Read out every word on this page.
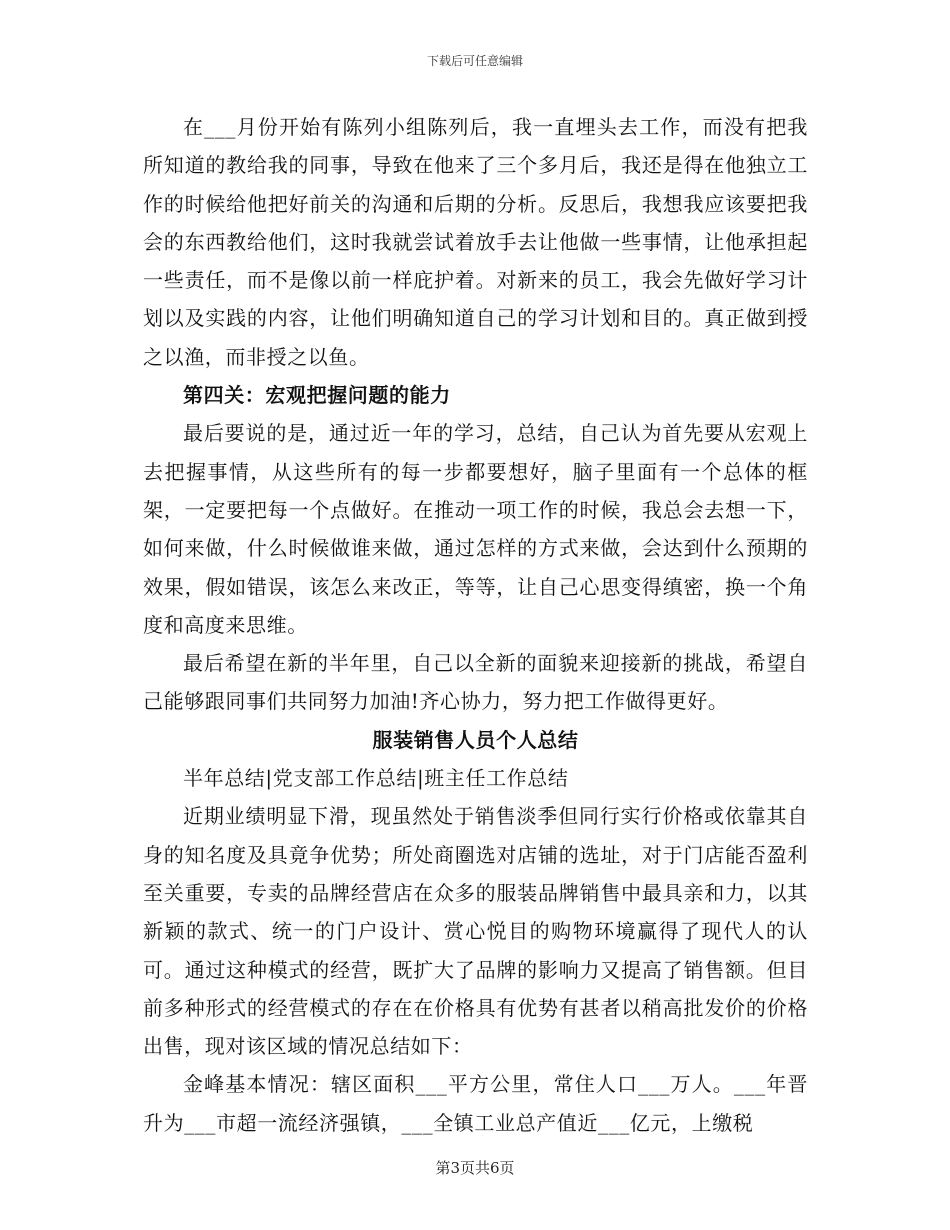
下载后可任意编辑

在___月份开始有陈列小组陈列后，我一直埋头去工作，而没有把我所知道的教给我的同事，导致在他来了三个多月后，我还是得在他独立工作的时候给他把好前关的沟通和后期的分析。反思后，我想我应该要把我会的东西教给他们，这时我就尝试着放手去让他做一些事情，让他承担起一些责任，而不是像以前一样庇护着。对新来的员工，我会先做好学习计划以及实践的内容，让他们明确知道自己的学习计划和目的。真正做到授之以渔，而非授之以鱼。

第四关：宏观把握问题的能力

最后要说的是，通过近一年的学习，总结，自己认为首先要从宏观上去把握事情，从这些所有的每一步都要想好，脑子里面有一个总体的框架，一定要把每一个点做好。在推动一项工作的时候，我总会去想一下，如何来做，什么时候做谁来做，通过怎样的方式来做，会达到什么预期的效果，假如错误，该怎么来改正，等等，让自己心思变得缜密，换一个角度和高度来思维。

最后希望在新的半年里，自己以全新的面貌来迎接新的挑战，希望自己能够跟同事们共同努力加油!齐心协力，努力把工作做得更好。

服装销售人员个人总结

半年总结|党支部工作总结|班主任工作总结

近期业绩明显下滑，现虽然处于销售淡季但同行实行价格或依靠其自身的知名度及具竟争优势；所处商圈选对店铺的选址，对于门店能否盈利至关重要，专卖的品牌经营店在众多的服装品牌销售中最具亲和力，以其新颖的款式、统一的门户设计、赏心悦目的购物环境赢得了现代人的认可。通过这种模式的经营，既扩大了品牌的影响力又提高了销售额。但目前多种形式的经营模式的存在在价格具有优势有甚者以稍高批发价的价格出售，现对该区域的情况总结如下：

金峰基本情况：辖区面积___平方公里，常住人口___万人。___年晋升为___市超一流经济强镇，___全镇工业总产值近___亿元，上缴税

第3页共6页
